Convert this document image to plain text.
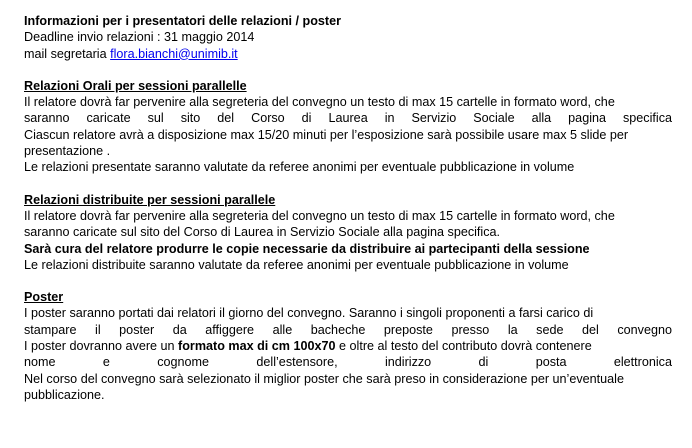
Informazioni per i presentatori delle relazioni / poster
Deadline invio relazioni : 31 maggio 2014
mail segretaria flora.bianchi@unimib.it
Relazioni Orali per sessioni parallelle
Il relatore dovrà far pervenire alla segreteria del convegno un testo di max 15 cartelle in formato word, che
saranno caricate sul sito del Corso di Laurea in Servizio Sociale alla pagina specifica
Ciascun relatore avrà a disposizione max 15/20 minuti per l’esposizione sarà possibile usare max 5 slide per
presentazione .
Le relazioni presentate saranno valutate da referee anonimi per eventuale pubblicazione in volume
Relazioni distribuite per sessioni parallele
Il relatore dovrà far pervenire alla segreteria del convegno un testo di max 15 cartelle in formato word, che
saranno caricate sul sito del Corso di Laurea in Servizio Sociale alla pagina specifica.
Sarà cura del relatore produrre le copie necessarie da distribuire ai partecipanti della sessione
Le relazioni distribuite saranno valutate da referee anonimi per eventuale pubblicazione in volume
Poster
I poster saranno portati dai relatori il giorno del convegno. Saranno i singoli proponenti a farsi carico di
stampare il poster da affiggere alle bacheche preposte presso la sede del convegno
I poster dovranno avere un formato max di cm 100x70 e oltre al testo del contributo dovrà contenere
nome e cognome dell’estensore, indirizzo di posta elettronica
Nel corso del convegno sarà selezionato il miglior poster che sarà preso in considerazione per un’eventuale
pubblicazione.
